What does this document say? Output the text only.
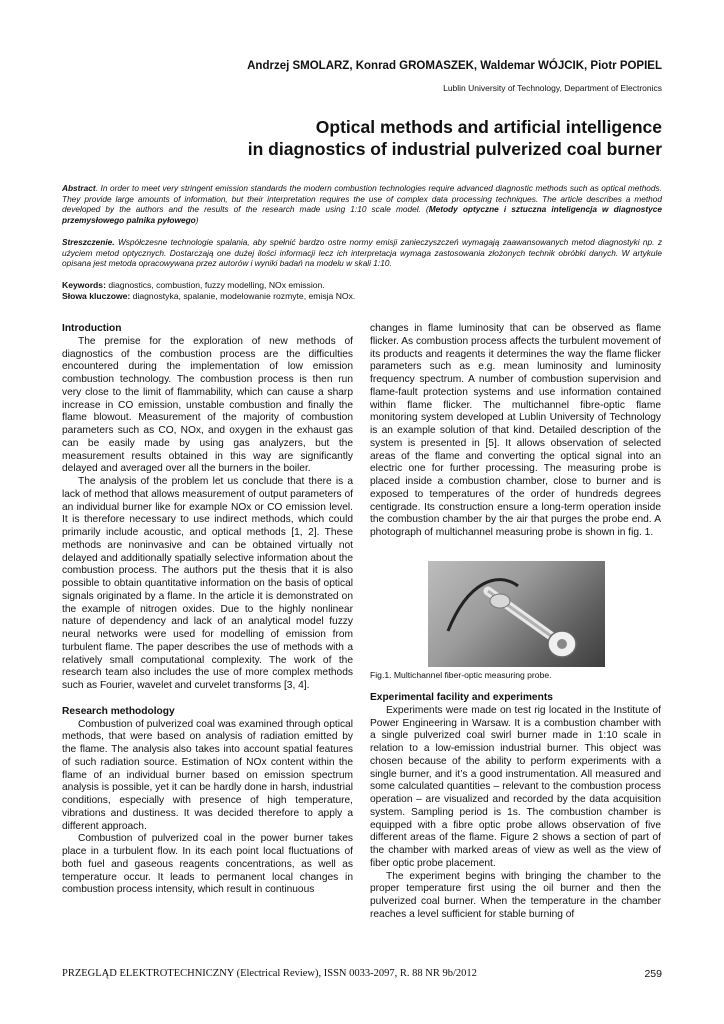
Andrzej SMOLARZ, Konrad GROMASZEK, Waldemar WÓJCIK, Piotr POPIEL
Lublin University of Technology, Department of Electronics
Optical methods and artificial intelligence
in diagnostics of industrial pulverized coal burner
Abstract. In order to meet very stringent emission standards the modern combustion technologies require advanced diagnostic methods such as optical methods. They provide large amounts of information, but their interpretation requires the use of complex data processing techniques. The article describes a method developed by the authors and the results of the research made using 1:10 scale model. (Metody optyczne i sztuczna inteligencja w diagnostyce przemysłowego palnika pyłowego)
Streszczenie. Współczesne technologie spalania, aby spełnić bardzo ostre normy emisji zanieczyszczeń wymagają zaawansowanych metod diagnostyki np. z użyciem metod optycznych. Dostarczają one dużej ilości informacji lecz ich interpretacja wymaga zastosowania złożonych technik obróbki danych. W artykule opisana jest metoda opracowywana przez autorów i wyniki badań na modelu w skali 1:10.
Keywords: diagnostics, combustion, fuzzy modelling, NOx emission.
Słowa kluczowe: diagnostyka, spalanie, modelowanie rozmyte, emisja NOx.
Introduction

The premise for the exploration of new methods of diagnostics of the combustion process are the difficulties encountered during the implementation of low emission combustion technology. The combustion process is then run very close to the limit of flammability, which can cause a sharp increase in CO emission, unstable combustion and finally the flame blowout. Measurement of the majority of combustion parameters such as CO, NOx, and oxygen in the exhaust gas can be easily made by using gas analyzers, but the measurement results obtained in this way are significantly delayed and averaged over all the burners in the boiler.

The analysis of the problem let us conclude that there is a lack of method that allows measurement of output parameters of an individual burner like for example NOx or CO emission level. It is therefore necessary to use indirect methods, which could primarily include acoustic, and optical methods [1, 2]. These methods are noninvasive and can be obtained virtually not delayed and additionally spatially selective information about the combustion process. The authors put the thesis that it is also possible to obtain quantitative information on the basis of optical signals originated by a flame. In the article it is demonstrated on the example of nitrogen oxides. Due to the highly nonlinear nature of dependency and lack of an analytical model fuzzy neural networks were used for modelling of emission from turbulent flame. The paper describes the use of methods with a relatively small computational complexity. The work of the research team also includes the use of more complex methods such as Fourier, wavelet and curvelet transforms [3, 4].

Research methodology

Combustion of pulverized coal was examined through optical methods, that were based on analysis of radiation emitted by the flame. The analysis also takes into account spatial features of such radiation source. Estimation of NOx content within the flame of an individual burner based on emission spectrum analysis is possible, yet it can be hardly done in harsh, industrial conditions, especially with presence of high temperature, vibrations and dustiness. It was decided therefore to apply a different approach.

Combustion of pulverized coal in the power burner takes place in a turbulent flow. In its each point local fluctuations of both fuel and gaseous reagents concentrations, as well as temperature occur. It leads to permanent local changes in combustion process intensity, which result in continuous

changes in flame luminosity that can be observed as flame flicker. As combustion process affects the turbulent movement of its products and reagents it determines the way the flame flicker parameters such as e.g. mean luminosity and luminosity frequency spectrum. A number of combustion supervision and flame-fault protection systems and use information contained within flame flicker. The multichannel fibre-optic flame monitoring system developed at Lublin University of Technology is an example solution of that kind. Detailed description of the system is presented in [5]. It allows observation of selected areas of the flame and converting the optical signal into an electric one for further processing. The measuring probe is placed inside a combustion chamber, close to burner and is exposed to temperatures of the order of hundreds degrees centigrade. Its construction ensure a long-term operation inside the combustion chamber by the air that purges the probe end. A photograph of multichannel measuring probe is shown in fig. 1.

Fig.1. Multichannel fiber-optic measuring probe.
Experimental facility and experiments

Experiments were made on test rig located in the Institute of Power Engineering in Warsaw. It is a combustion chamber with a single pulverized coal swirl burner made in 1:10 scale in relation to a low-emission industrial burner. This object was chosen because of the ability to perform experiments with a single burner, and it’s a good instrumentation. All measured and some calculated quantities – relevant to the combustion process operation – are visualized and recorded by the data acquisition system. Sampling period is 1s. The combustion chamber is equipped with a fibre optic probe allows observation of five different areas of the flame. Figure 2 shows a section of part of the chamber with marked areas of view as well as the view of fiber optic probe placement.

The experiment begins with bringing the chamber to the proper temperature first using the oil burner and then the pulverized coal burner. When the temperature in the chamber reaches a level sufficient for stable burning of

PRZEGLĄD ELEKTROTECHNICZNY (Electrical Review), ISSN 0033-2097, R. 88 NR 9b/2012	259
